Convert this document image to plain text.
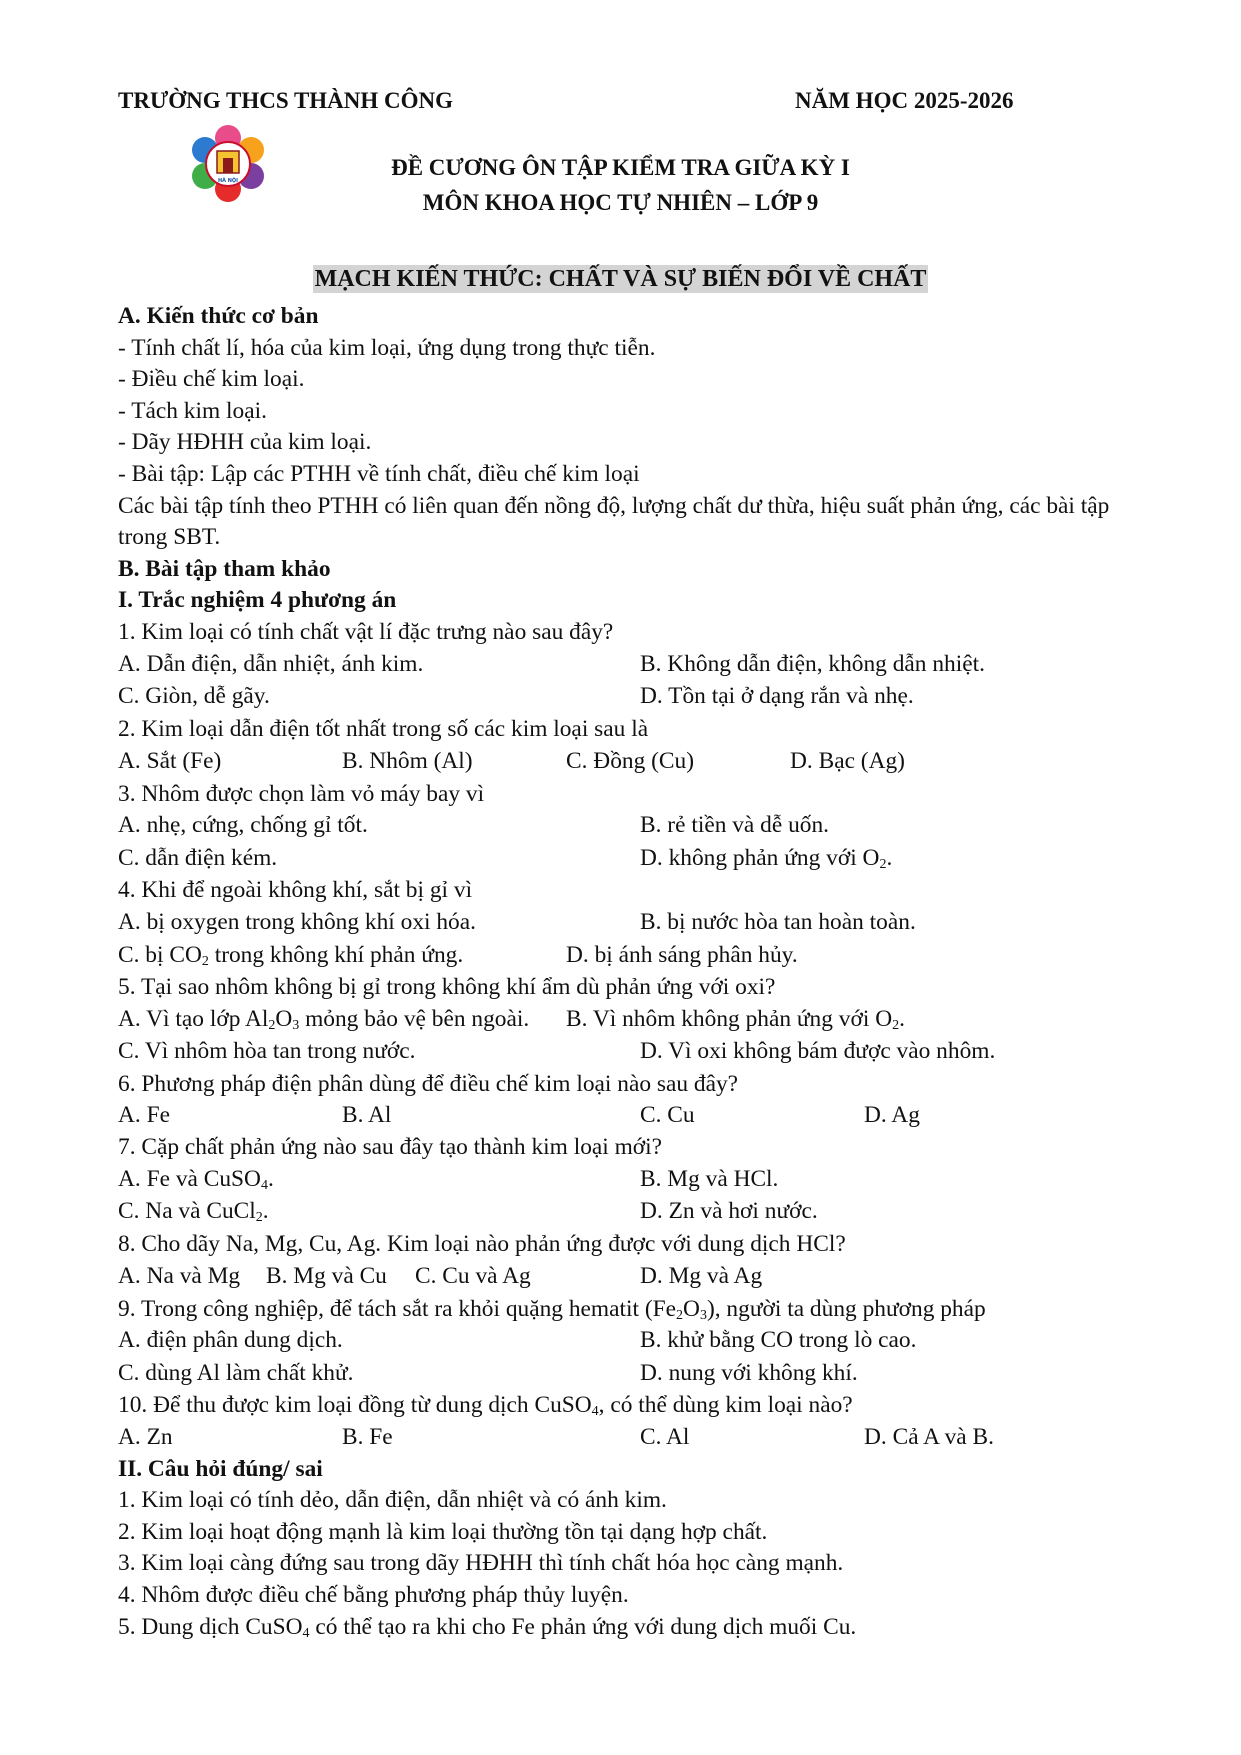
TRƯỜNG THCS THÀNH CÔNG	NĂM HỌC 2025-2026
HÀ NỘI
ĐỀ CƯƠNG ÔN TẬP KIỂM TRA GIỮA KỲ I
MÔN KHOA HỌC TỰ NHIÊN – LỚP 9
MẠCH KIẾN THỨC: CHẤT VÀ SỰ BIẾN ĐỔI VỀ CHẤT
A. Kiến thức cơ bản
- Tính chất lí, hóa của kim loại, ứng dụng trong thực tiễn.
- Điều chế kim loại.
- Tách kim loại.
- Dãy HĐHH của kim loại.
- Bài tập: Lập các PTHH về tính chất, điều chế kim loại
Các bài tập tính theo PTHH có liên quan đến nồng độ, lượng chất dư thừa, hiệu suất phản ứng, các bài tập trong SBT.
B. Bài tập tham khảo
I. Trắc nghiệm 4 phương án
1. Kim loại có tính chất vật lí đặc trưng nào sau đây?
A. Dẫn điện, dẫn nhiệt, ánh kim.	B. Không dẫn điện, không dẫn nhiệt.
C. Giòn, dễ gãy.	D. Tồn tại ở dạng rắn và nhẹ.
2. Kim loại dẫn điện tốt nhất trong số các kim loại sau là
A. Sắt (Fe)	B. Nhôm (Al)	C. Đồng (Cu)	D. Bạc (Ag)
3. Nhôm được chọn làm vỏ máy bay vì
A. nhẹ, cứng, chống gỉ tốt.	B. rẻ tiền và dễ uốn.
C. dẫn điện kém.	D. không phản ứng với $O_2$.
4. Khi để ngoài không khí, sắt bị gỉ vì
A. bị oxygen trong không khí oxi hóa.	B. bị nước hòa tan hoàn toàn.
C. bị $CO_2$ trong không khí phản ứng.	D. bị ánh sáng phân hủy.
5. Tại sao nhôm không bị gỉ trong không khí ẩm dù phản ứng với oxi?
A. Vì tạo lớp $Al_2O_3$ mỏng bảo vệ bên ngoài. B. Vì nhôm không phản ứng với $O_2$.
C. Vì nhôm hòa tan trong nước.	D. Vì oxi không bám được vào nhôm.
6. Phương pháp điện phân dùng để điều chế kim loại nào sau đây?
A. Fe	B. Al	C. Cu	D. Ag
7. Cặp chất phản ứng nào sau đây tạo thành kim loại mới?
A. Fe và CuSO$_4$.	B. Mg và HCl.
C. Na và CuCl$_2$.	D. Zn và hơi nước.
8. Cho dãy Na, Mg, Cu, Ag. Kim loại nào phản ứng được với dung dịch HCl?
A. Na và Mg B. Mg và Cu C. Cu và Ag	D. Mg và Ag
9. Trong công nghiệp, để tách sắt ra khỏi quặng hematit $(Fe_2O_3)$, người ta dùng phương pháp
A. điện phân dung dịch.	B. khử bằng CO trong lò cao.
C. dùng Al làm chất khử.	D. nung với không khí.
10. Để thu được kim loại đồng từ dung dịch CuSO$_4$, có thể dùng kim loại nào?
A. Zn	B. Fe	C. Al	D. Cả A và B.
II. Câu hỏi đúng/ sai
1. Kim loại có tính dẻo, dẫn điện, dẫn nhiệt và có ánh kim.
2. Kim loại hoạt động mạnh là kim loại thường tồn tại dạng hợp chất.
3. Kim loại càng đứng sau trong dãy HĐHH thì tính chất hóa học càng mạnh.
4. Nhôm được điều chế bằng phương pháp thủy luyện.
5. Dung dịch CuSO$_4$ có thể tạo ra khi cho Fe phản ứng với dung dịch muối Cu.
